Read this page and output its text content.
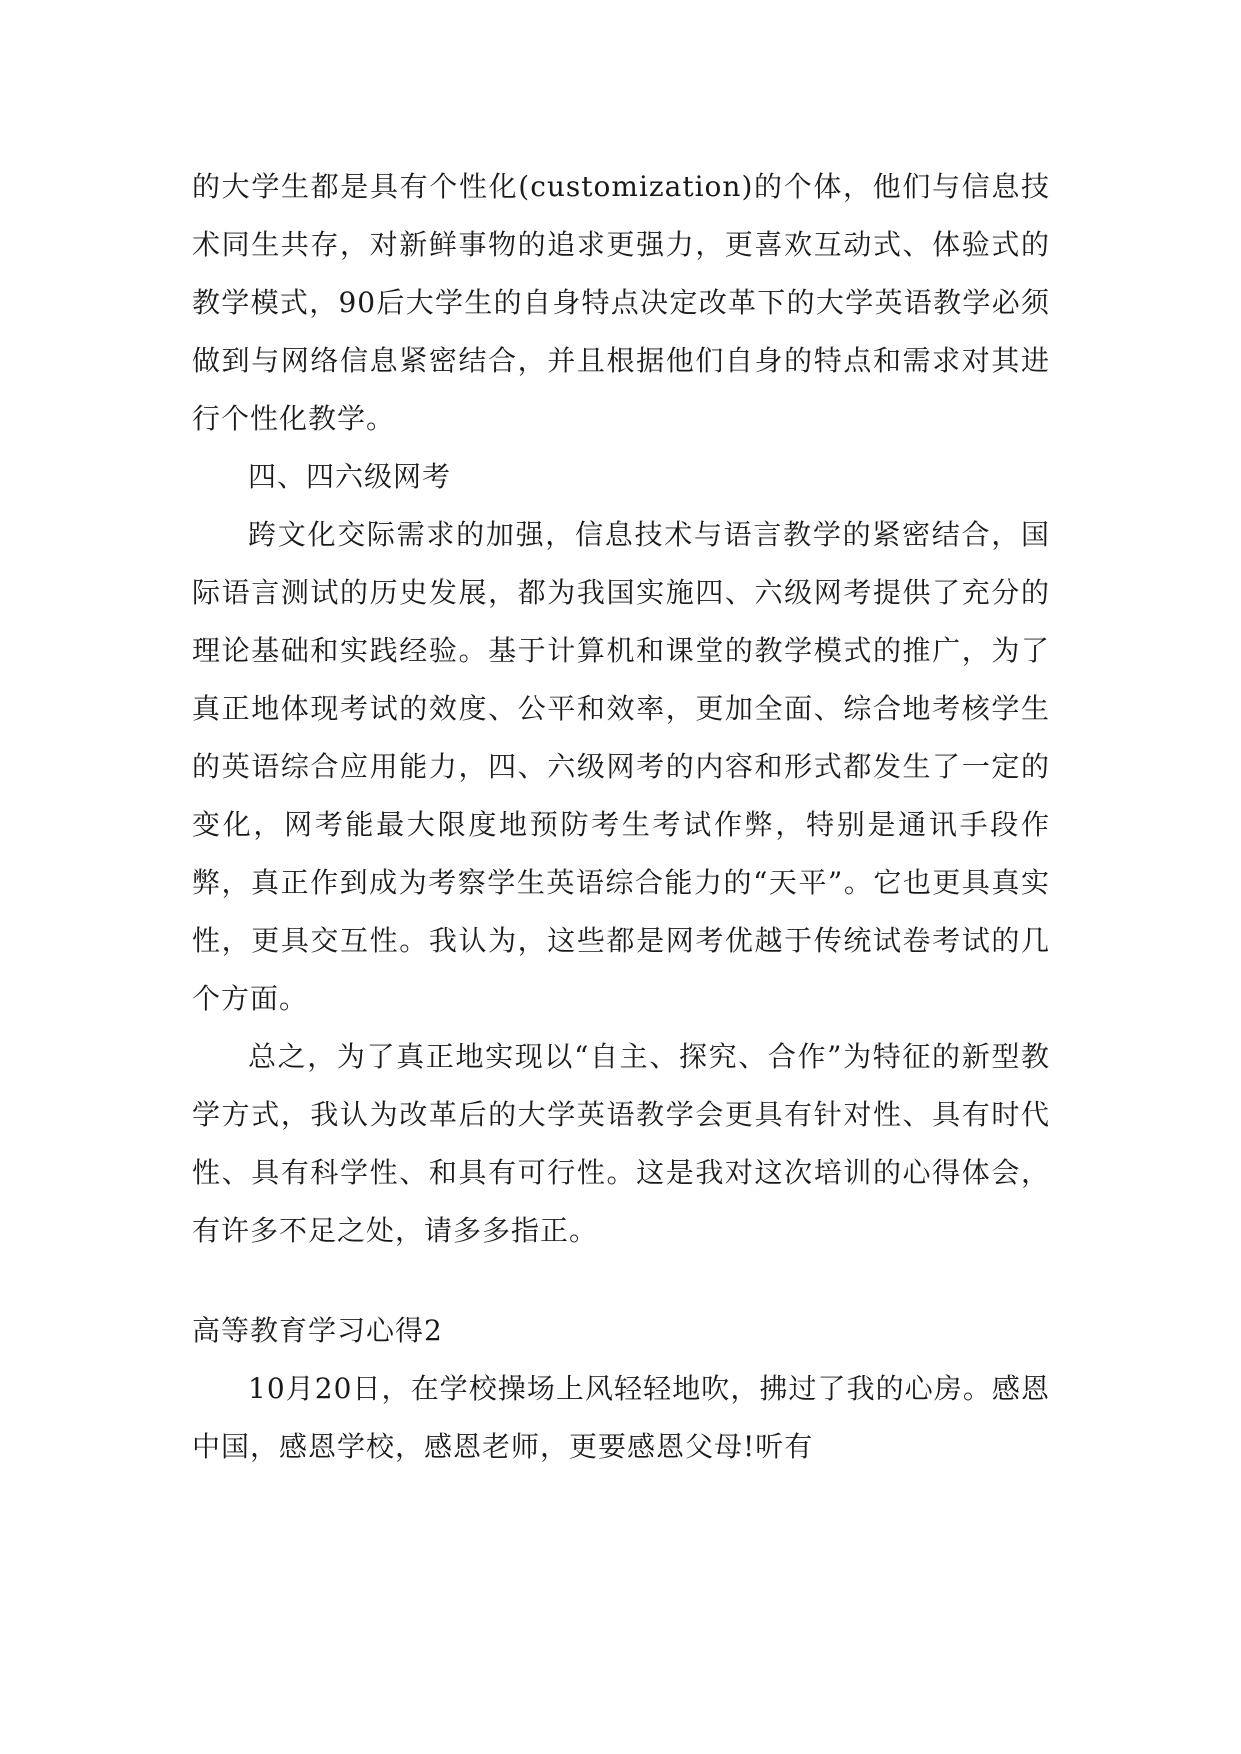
的大学生都是具有个性化(customization)的个体，他们与信息技术同生共存，对新鲜事物的追求更强力，更喜欢互动式、体验式的教学模式，90后大学生的自身特点决定改革下的大学英语教学必须做到与网络信息紧密结合，并且根据他们自身的特点和需求对其进行个性化教学。

四、四六级网考

跨文化交际需求的加强，信息技术与语言教学的紧密结合，国际语言测试的历史发展，都为我国实施四、六级网考提供了充分的理论基础和实践经验。基于计算机和课堂的教学模式的推广，为了真正地体现考试的效度、公平和效率，更加全面、综合地考核学生的英语综合应用能力，四、六级网考的内容和形式都发生了一定的变化，网考能最大限度地预防考生考试作弊，特别是通讯手段作弊，真正作到成为考察学生英语综合能力的“天平”。它也更具真实性，更具交互性。我认为，这些都是网考优越于传统试卷考试的几个方面。

总之，为了真正地实现以“自主、探究、合作”为特征的新型教学方式，我认为改革后的大学英语教学会更具有针对性、具有时代性、具有科学性、和具有可行性。这是我对这次培训的心得体会，有许多不足之处，请多多指正。

高等教育学习心得2

10月20日，在学校操场上风轻轻地吹，拂过了我的心房。感恩中国，感恩学校，感恩老师，更要感恩父母!听有
